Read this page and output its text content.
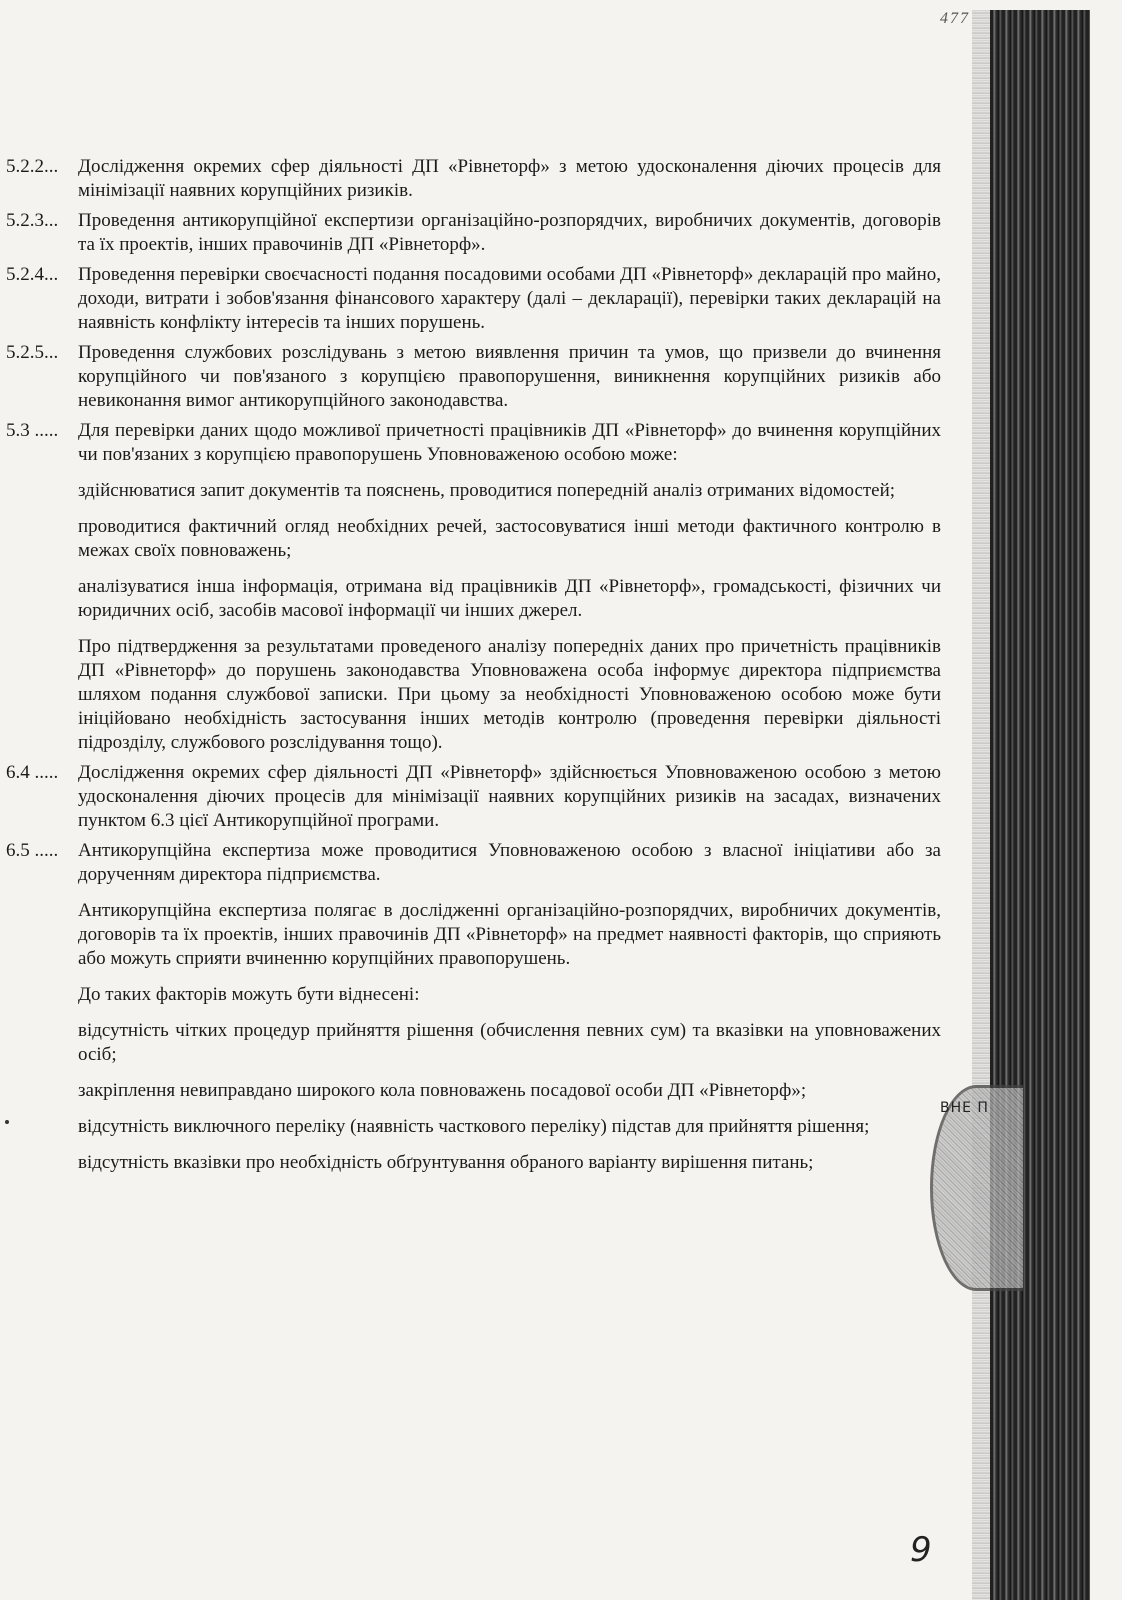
477
5.2.2...	Дослідження окремих сфер діяльності ДП «Рівнеторф» з метою удосконалення діючих процесів для мінімізації наявних корупційних ризиків.
5.2.3...	Проведення антикорупційної експертизи організаційно-розпорядчих, виробничих документів, договорів та їх проектів, інших правочинів ДП «Рівнеторф».
5.2.4...	Проведення перевірки своєчасності подання посадовими особами ДП «Рівнеторф» декларацій про майно, доходи, витрати і зобов'язання фінансового характеру (далі – декларації), перевірки таких декларацій на наявність конфлікту інтересів та інших порушень.
5.2.5...	Проведення службових розслідувань з метою виявлення причин та умов, що призвели до вчинення корупційного чи пов'язаного з корупцією правопорушення, виникнення корупційних ризиків або невиконання вимог антикорупційного законодавства.
5.3 .....	Для перевірки даних щодо можливої причетності працівників ДП «Рівнеторф» до вчинення корупційних чи пов'язаних з корупцією правопорушень Уповноваженою особою може:
здійснюватися запит документів та пояснень, проводитися попередній аналіз отриманих відомостей;
проводитися фактичний огляд необхідних речей, застосовуватися інші методи фактичного контролю в межах своїх повноважень;
аналізуватися інша інформація, отримана від працівників ДП «Рівнеторф», громадськості, фізичних чи юридичних осіб, засобів масової інформації чи інших джерел.
Про підтвердження за результатами проведеного аналізу попередніх даних про причетність працівників ДП «Рівнеторф» до порушень законодавства Уповноважена особа інформує директора підприємства шляхом подання службової записки. При цьому за необхідності Уповноваженою особою може бути ініційовано необхідність застосування інших методів контролю (проведення перевірки діяльності підрозділу, службового розслідування тощо).
6.4 .....	Дослідження окремих сфер діяльності ДП «Рівнеторф» здійснюється Уповноваженою особою з метою удосконалення діючих процесів для мінімізації наявних корупційних ризиків на засадах, визначених пунктом 6.3 цієї Антикорупційної програми.
6.5 .....	Антикорупційна експертиза може проводитися Уповноваженою особою з власної ініціативи або за дорученням директора підприємства.
Антикорупційна експертиза полягає в дослідженні організаційно-розпорядчих, виробничих документів, договорів та їх проектів, інших правочинів ДП «Рівнеторф» на предмет наявності факторів, що сприяють або можуть сприяти вчиненню корупційних правопорушень.
До таких факторів можуть бути віднесені:
відсутність чітких процедур прийняття рішення (обчислення певних сум) та вказівки на уповноважених осіб;
закріплення невиправдано широкого кола повноважень посадової особи ДП «Рівнеторф»;
відсутність виключного переліку (наявність часткового переліку) підстав для прийняття рішення;
відсутність вказівки про необхідність обґрунтування обраного варіанту вирішення питань;
ВНЕ П
9
